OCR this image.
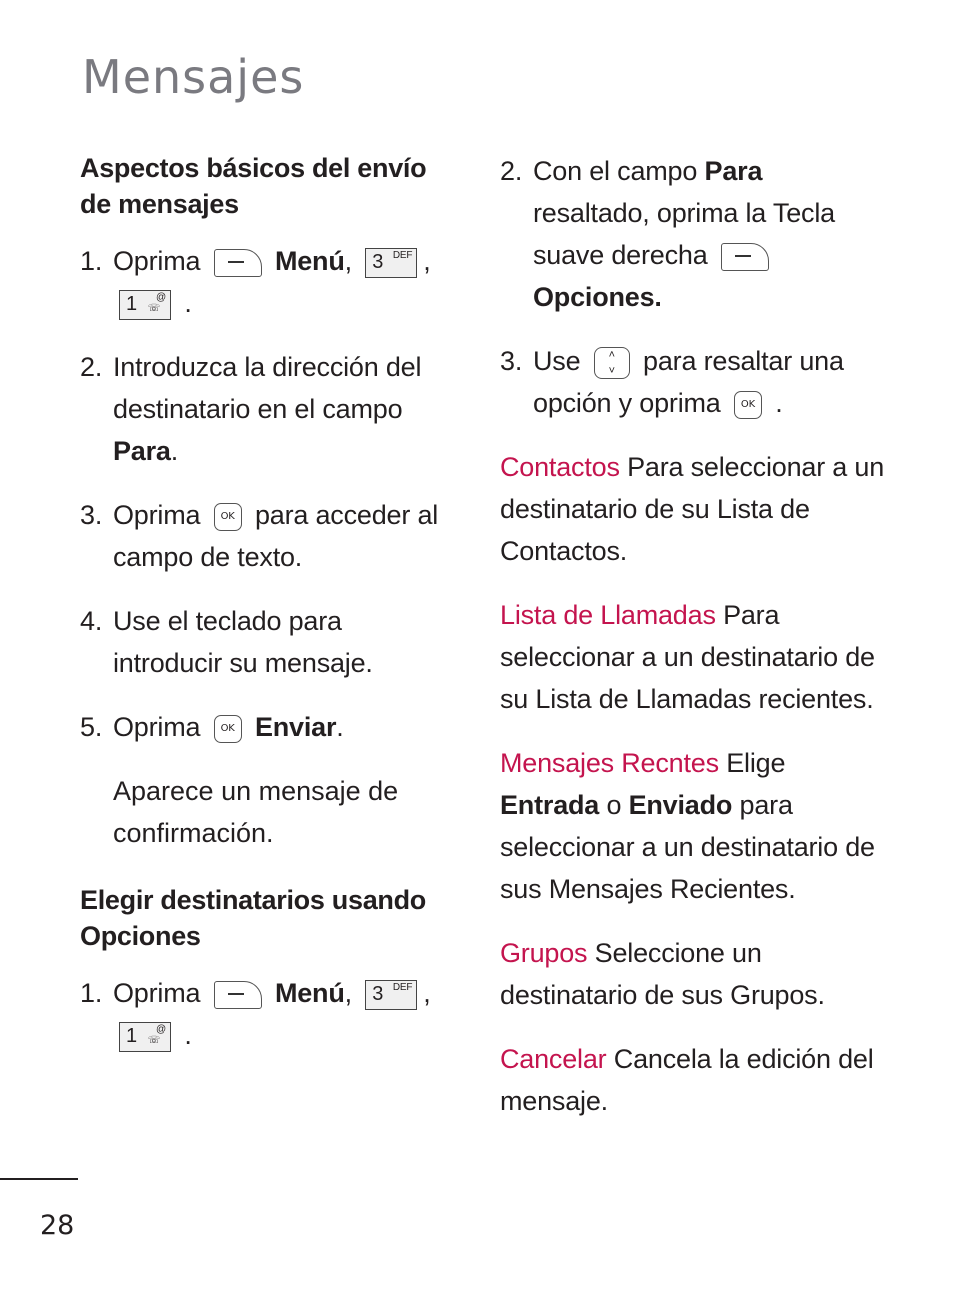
Mensajes
Aspectos básicos del envío de mensajes
1. Oprima	Menú, 3 DEF ,

1 @
☏ .
2. Introduzca la dirección del destinatario en el campo
Para.
3. Oprima OK para acceder al campo de texto.
4. Use el teclado para introducir su mensaje.
5. Oprima OK Enviar.
Aparece un mensaje de confirmación.
Elegir destinatarios usando Opciones
1. Oprima	Menú, 3 DEF ,

1 @
☏ .
2. Con el campo Para resaltado, oprima la Tecla suave derecha
Opciones.
3. Use	˄
˅	para resaltar una opción y oprima OK .
Contactos Para seleccionar a un destinatario de su Lista de Contactos.
Lista de Llamadas Para seleccionar a un destinatario de su Lista de Llamadas recientes.
Mensajes Recntes Elige Entrada o Enviado para seleccionar a un destinatario de sus Mensajes Recientes.
Grupos Seleccione un destinatario de sus Grupos.
Cancelar Cancela la edición del mensaje.
28
